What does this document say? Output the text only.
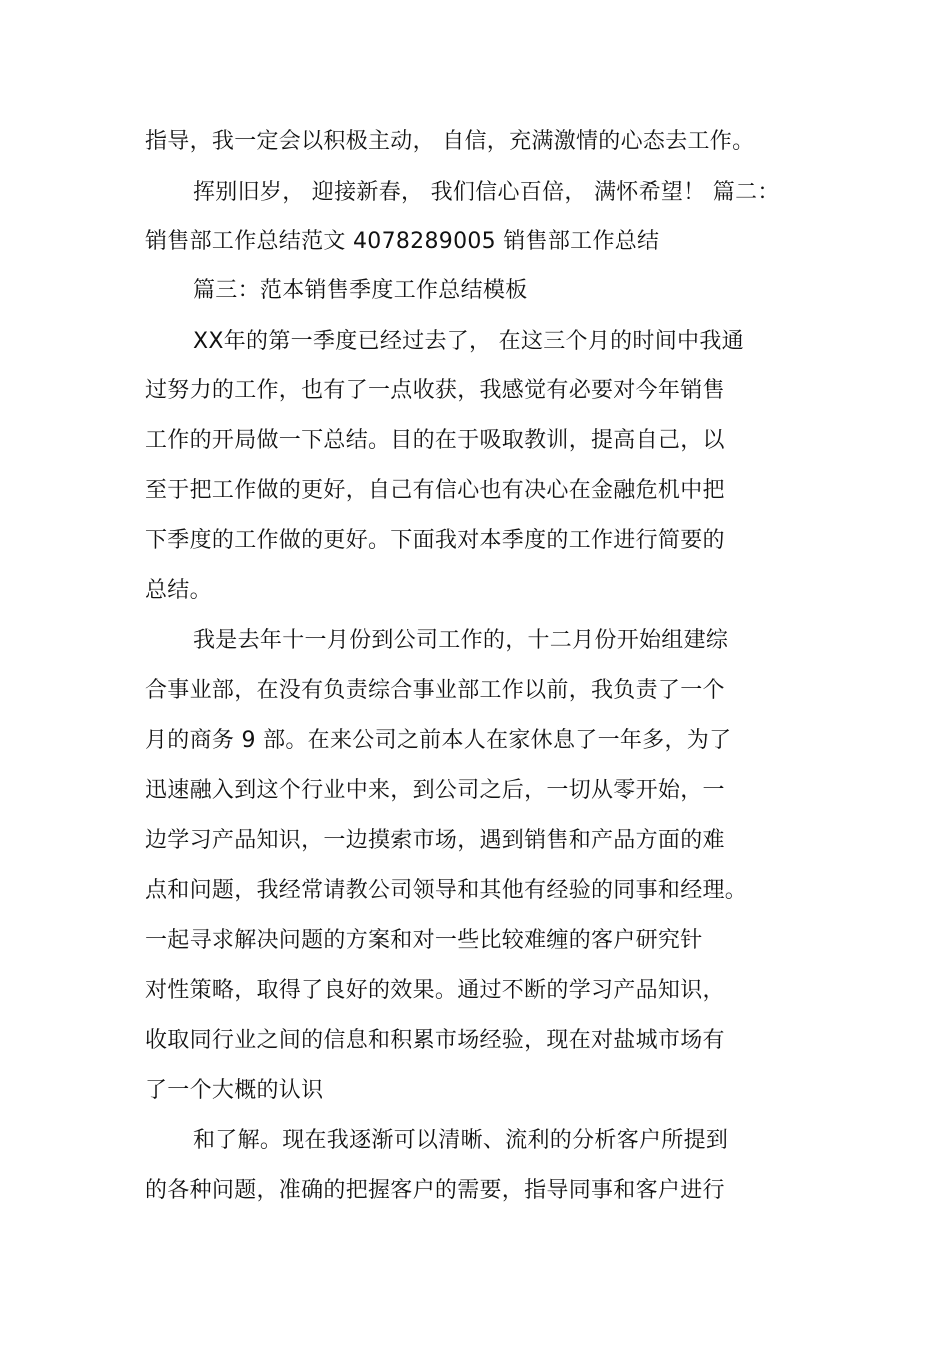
指导，我一定会以积极主动， 自信，充满激情的心态去工作。
挥别旧岁， 迎接新春， 我们信心百倍， 满怀希望！ 篇二：
销售部工作总结范文 4078289005 销售部工作总结
篇三：范本销售季度工作总结模板
XX年的第一季度已经过去了， 在这三个月的时间中我通
过努力的工作，也有了一点收获，我感觉有必要对今年销售
工作的开局做一下总结。目的在于吸取教训，提高自己，以
至于把工作做的更好，自己有信心也有决心在金融危机中把
下季度的工作做的更好。下面我对本季度的工作进行简要的
总结。
我是去年十一月份到公司工作的，十二月份开始组建综
合事业部，在没有负责综合事业部工作以前，我负责了一个
月的商务 9 部。在来公司之前本人在家休息了一年多，为了
迅速融入到这个行业中来，到公司之后，一切从零开始，一
边学习产品知识，一边摸索市场，遇到销售和产品方面的难
点和问题，我经常请教公司领导和其他有经验的同事和经理。
一起寻求解决问题的方案和对一些比较难缠的客户研究针
对性策略，取得了良好的效果。通过不断的学习产品知识，
收取同行业之间的信息和积累市场经验，现在对盐城市场有
了一个大概的认识
和了解。现在我逐渐可以清晰、流利的分析客户所提到
的各种问题，准确的把握客户的需要，指导同事和客户进行
